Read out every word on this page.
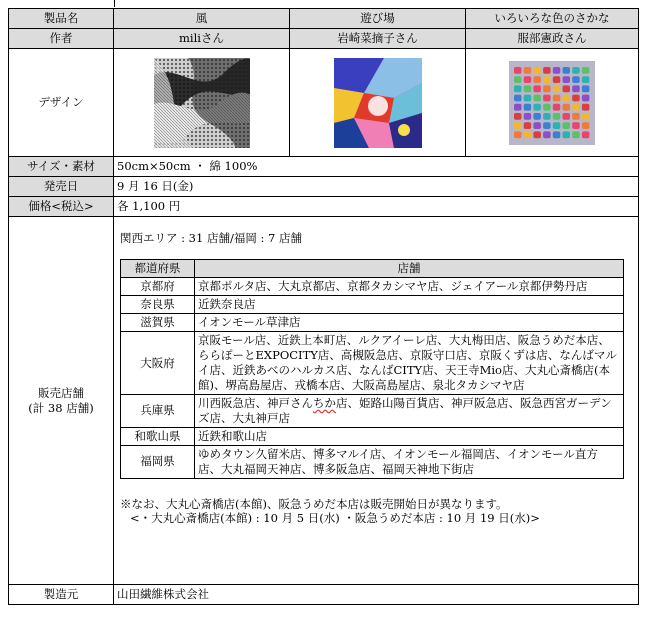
製品名	風	遊び場	いろいろな色のさかな
作者	miliさん	岩崎菜摘子さん	服部憲政さん
デザイン	

サイズ・素材	50cm×50cm ・ 綿 100%
発売日	9 月 16 日(金)
価格<税込>	各 1,100 円

販売店舗
(計 38 店舗)

関西エリア : 31 店舗/福岡 : 7 店舗
都道府県	店舗
京都府	京都ポルタ店、大丸京都店、京都タカシマヤ店、ジェイアール京都伊勢丹店
奈良県	近鉄奈良店
滋賀県	イオンモール草津店
大阪府	京阪モール店、近鉄上本町店、ルクアイーレ店、大丸梅田店、阪急うめだ本店、ららぽーとEXPOCITY店、高槻阪急店、京阪守口店、京阪くずは店、なんばマルイ店、近鉄あべのハルカス店、なんばCITY店、天王寺Mio店、大丸心斎橋店(本館)、堺高島屋店、戎橋本店、大阪高島屋店、泉北タカシマヤ店
兵庫県	川西阪急店、神戸さんちか店、姫路山陽百貨店、神戸阪急店、阪急西宮ガーデンズ店、大丸神戸店
和歌山県	近鉄和歌山店
福岡県	ゆめタウン久留米店、博多マルイ店、イオンモール福岡店、イオンモール直方店、大丸福岡天神店、博多阪急店、福岡天神地下街店
※なお、大丸心斎橋店(本館)、阪急うめだ本店は販売開始日が異なります。
<・大丸心斎橋店(本館) : 10 月 5 日(水) ・阪急うめだ本店 : 10 月 19 日(水)>

製造元	山田繊維株式会社
